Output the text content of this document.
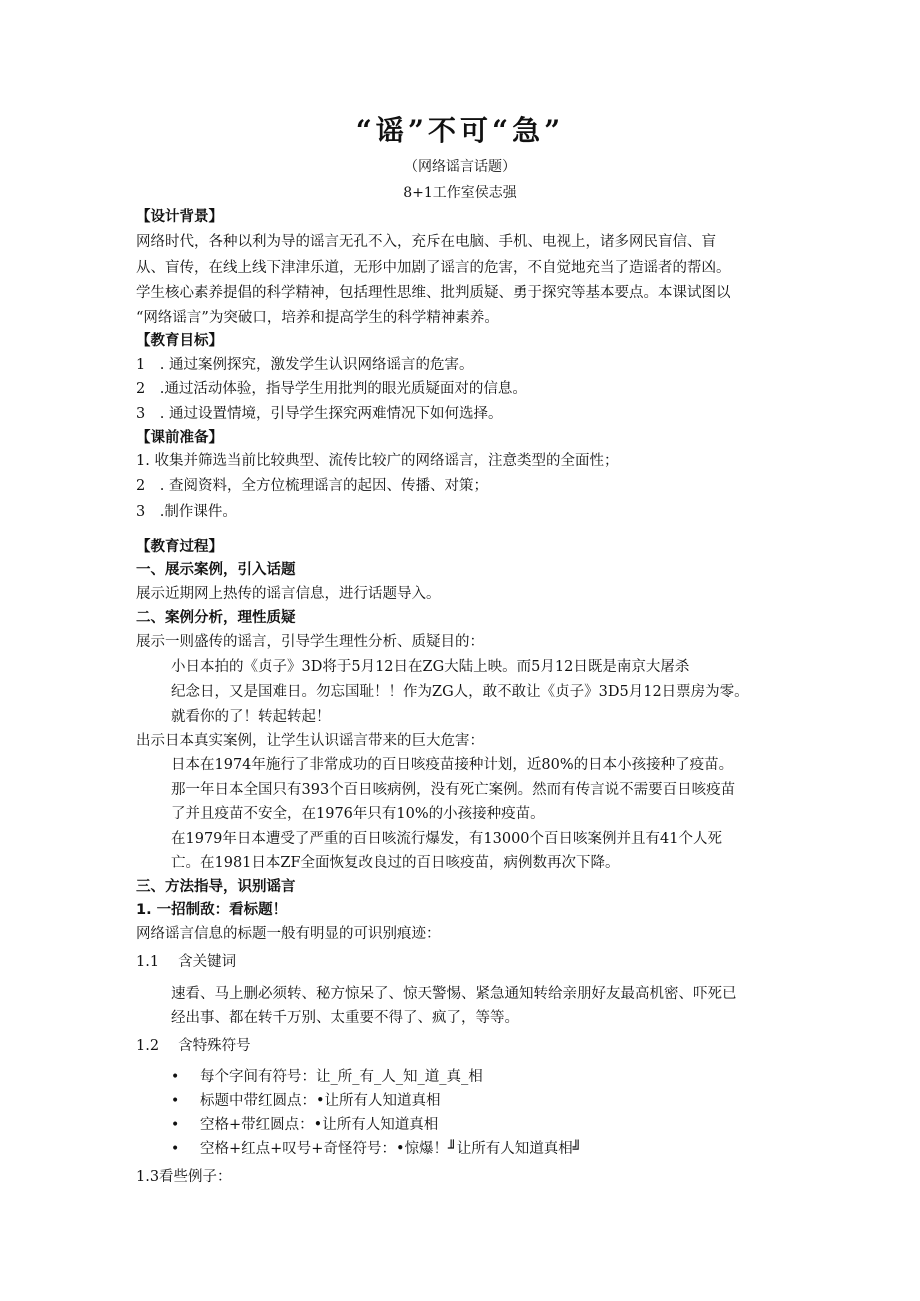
“谣”不可“急”
（网络谣言话题）
8+1工作室侯志强
【设计背景】
网络时代，各种以利为导的谣言无孔不入，充斥在电脑、手机、电视上，诸多网民盲信、盲
从、盲传，在线上线下津津乐道，无形中加剧了谣言的危害，不自觉地充当了造谣者的帮凶。
学生核心素养提倡的科学精神，包括理性思维、批判质疑、勇于探究等基本要点。本课试图以
“网络谣言”为突破口，培养和提高学生的科学精神素养。
【教育目标】
1　. 通过案例探究，激发学生认识网络谣言的危害。
2　.通过活动体验，指导学生用批判的眼光质疑面对的信息。
3　. 通过设置情境，引导学生探究两难情况下如何选择。
【课前准备】
1. 收集并筛选当前比较典型、流传比较广的网络谣言，注意类型的全面性；
2　. 查阅资料，全方位梳理谣言的起因、传播、对策；
3　.制作课件。
【教育过程】
一、展示案例，引入话题
展示近期网上热传的谣言信息，进行话题导入。
二、案例分析，理性质疑
展示一则盛传的谣言，引导学生理性分析、质疑目的：
小日本拍的《贞子》3D将于5月12日在ZG大陆上映。而5月12日既是南京大屠杀
纪念日，又是国难日。勿忘国耻！！作为ZG人，敢不敢让《贞子》3D5月12日票房为零。
就看你的了！转起转起！
出示日本真实案例，让学生认识谣言带来的巨大危害：
日本在1974年施行了非常成功的百日咳疫苗接种计划，近80%的日本小孩接种了疫苗。
那一年日本全国只有393个百日咳病例，没有死亡案例。然而有传言说不需要百日咳疫苗
了并且疫苗不安全，在1976年只有10%的小孩接种疫苗。
在1979年日本遭受了严重的百日咳流行爆发，有13000个百日咳案例并且有41个人死
亡。在1981日本ZF全面恢复改良过的百日咳疫苗，病例数再次下降。
三、方法指导，识别谣言
1. 一招制敌：看标题！
网络谣言信息的标题一般有明显的可识别痕迹：
1.1　 含关键词
速看、马上删必须转、秘方惊呆了、惊天警惕、紧急通知转给亲朋好友最高机密、吓死已
经出事、都在转千万别、太重要不得了、疯了，等等。
1.2　 含特殊符号
• 每个字间有符号：让_所_有_人_知_道_真_相
• 标题中带红圆点：•让所有人知道真相
• 空格+带红圆点：•让所有人知道真相
• 空格+红点+叹号+奇怪符号：•惊爆！╜让所有人知道真相╝
1.3看些例子：
